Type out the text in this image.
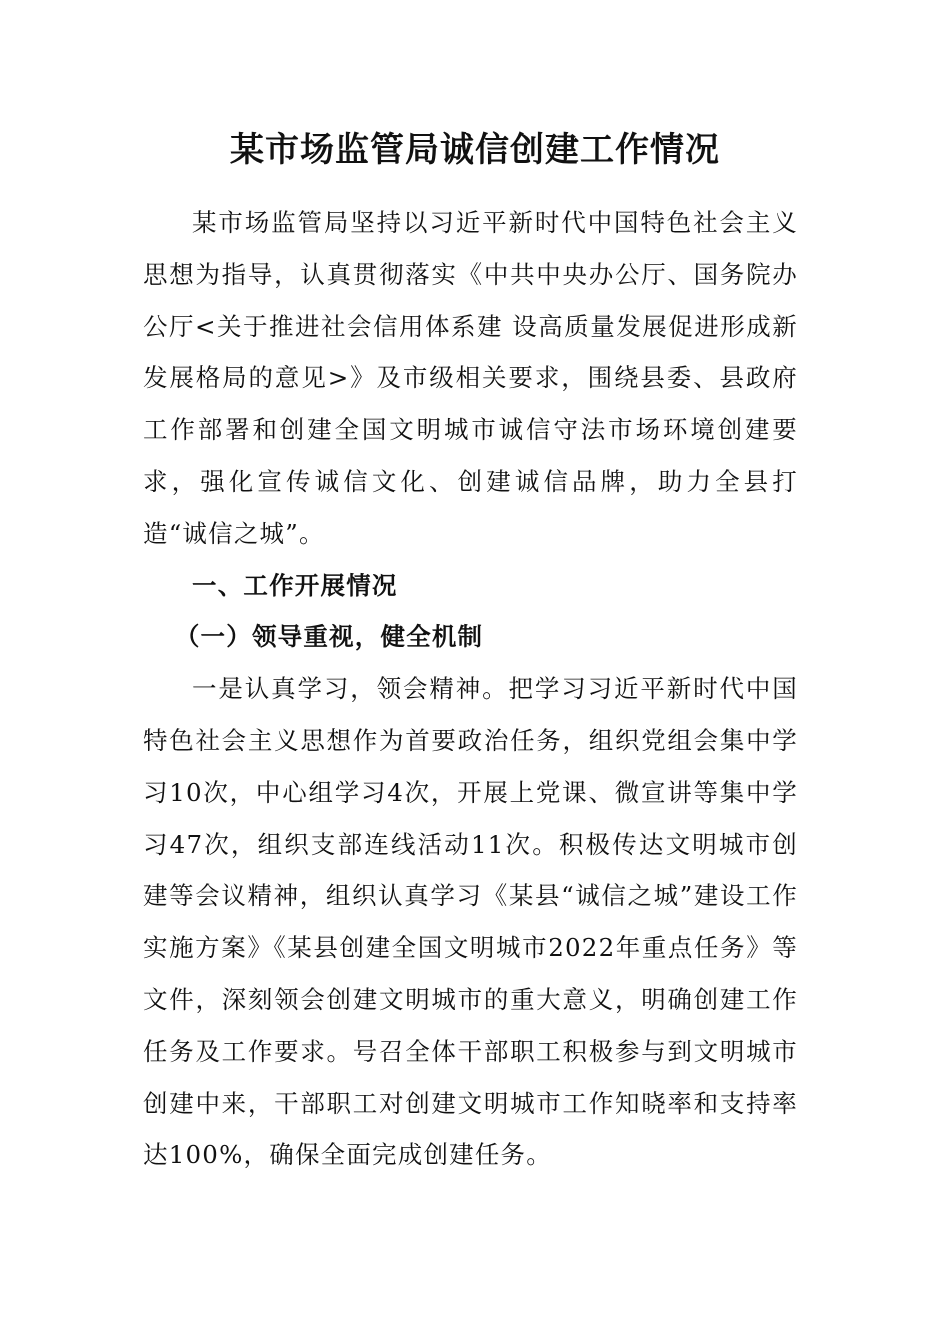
某市场监管局诚信创建工作情况

某市场监管局坚持以习近平新时代中国特色社会主义思想为指导，认真贯彻落实《中共中央办公厅、国务院办公厅<关于推进社会信用体系建 设高质量发展促进形成新发展格局的意见>》及市级相关要求，围绕县委、县政府工作部署和创建全国文明城市诚信守法市场环境创建要求，强化宣传诚信文化、创建诚信品牌，助力全县打造“诚信之城”。

一、工作开展情况
（一）领导重视，健全机制

一是认真学习，领会精神。把学习习近平新时代中国特色社会主义思想作为首要政治任务，组织党组会集中学习10次，中心组学习4次，开展上党课、微宣讲等集中学习47次，组织支部连线活动11次。积极传达文明城市创建等会议精神，组织认真学习《某县“诚信之城”建设工作实施方案》《某县创建全国文明城市2022年重点任务》等文件，深刻领会创建文明城市的重大意义，明确创建工作任务及工作要求。号召全体干部职工积极参与到文明城市创建中来，干部职工对创建文明城市工作知晓率和支持率达100%，确保全面完成创建任务。
